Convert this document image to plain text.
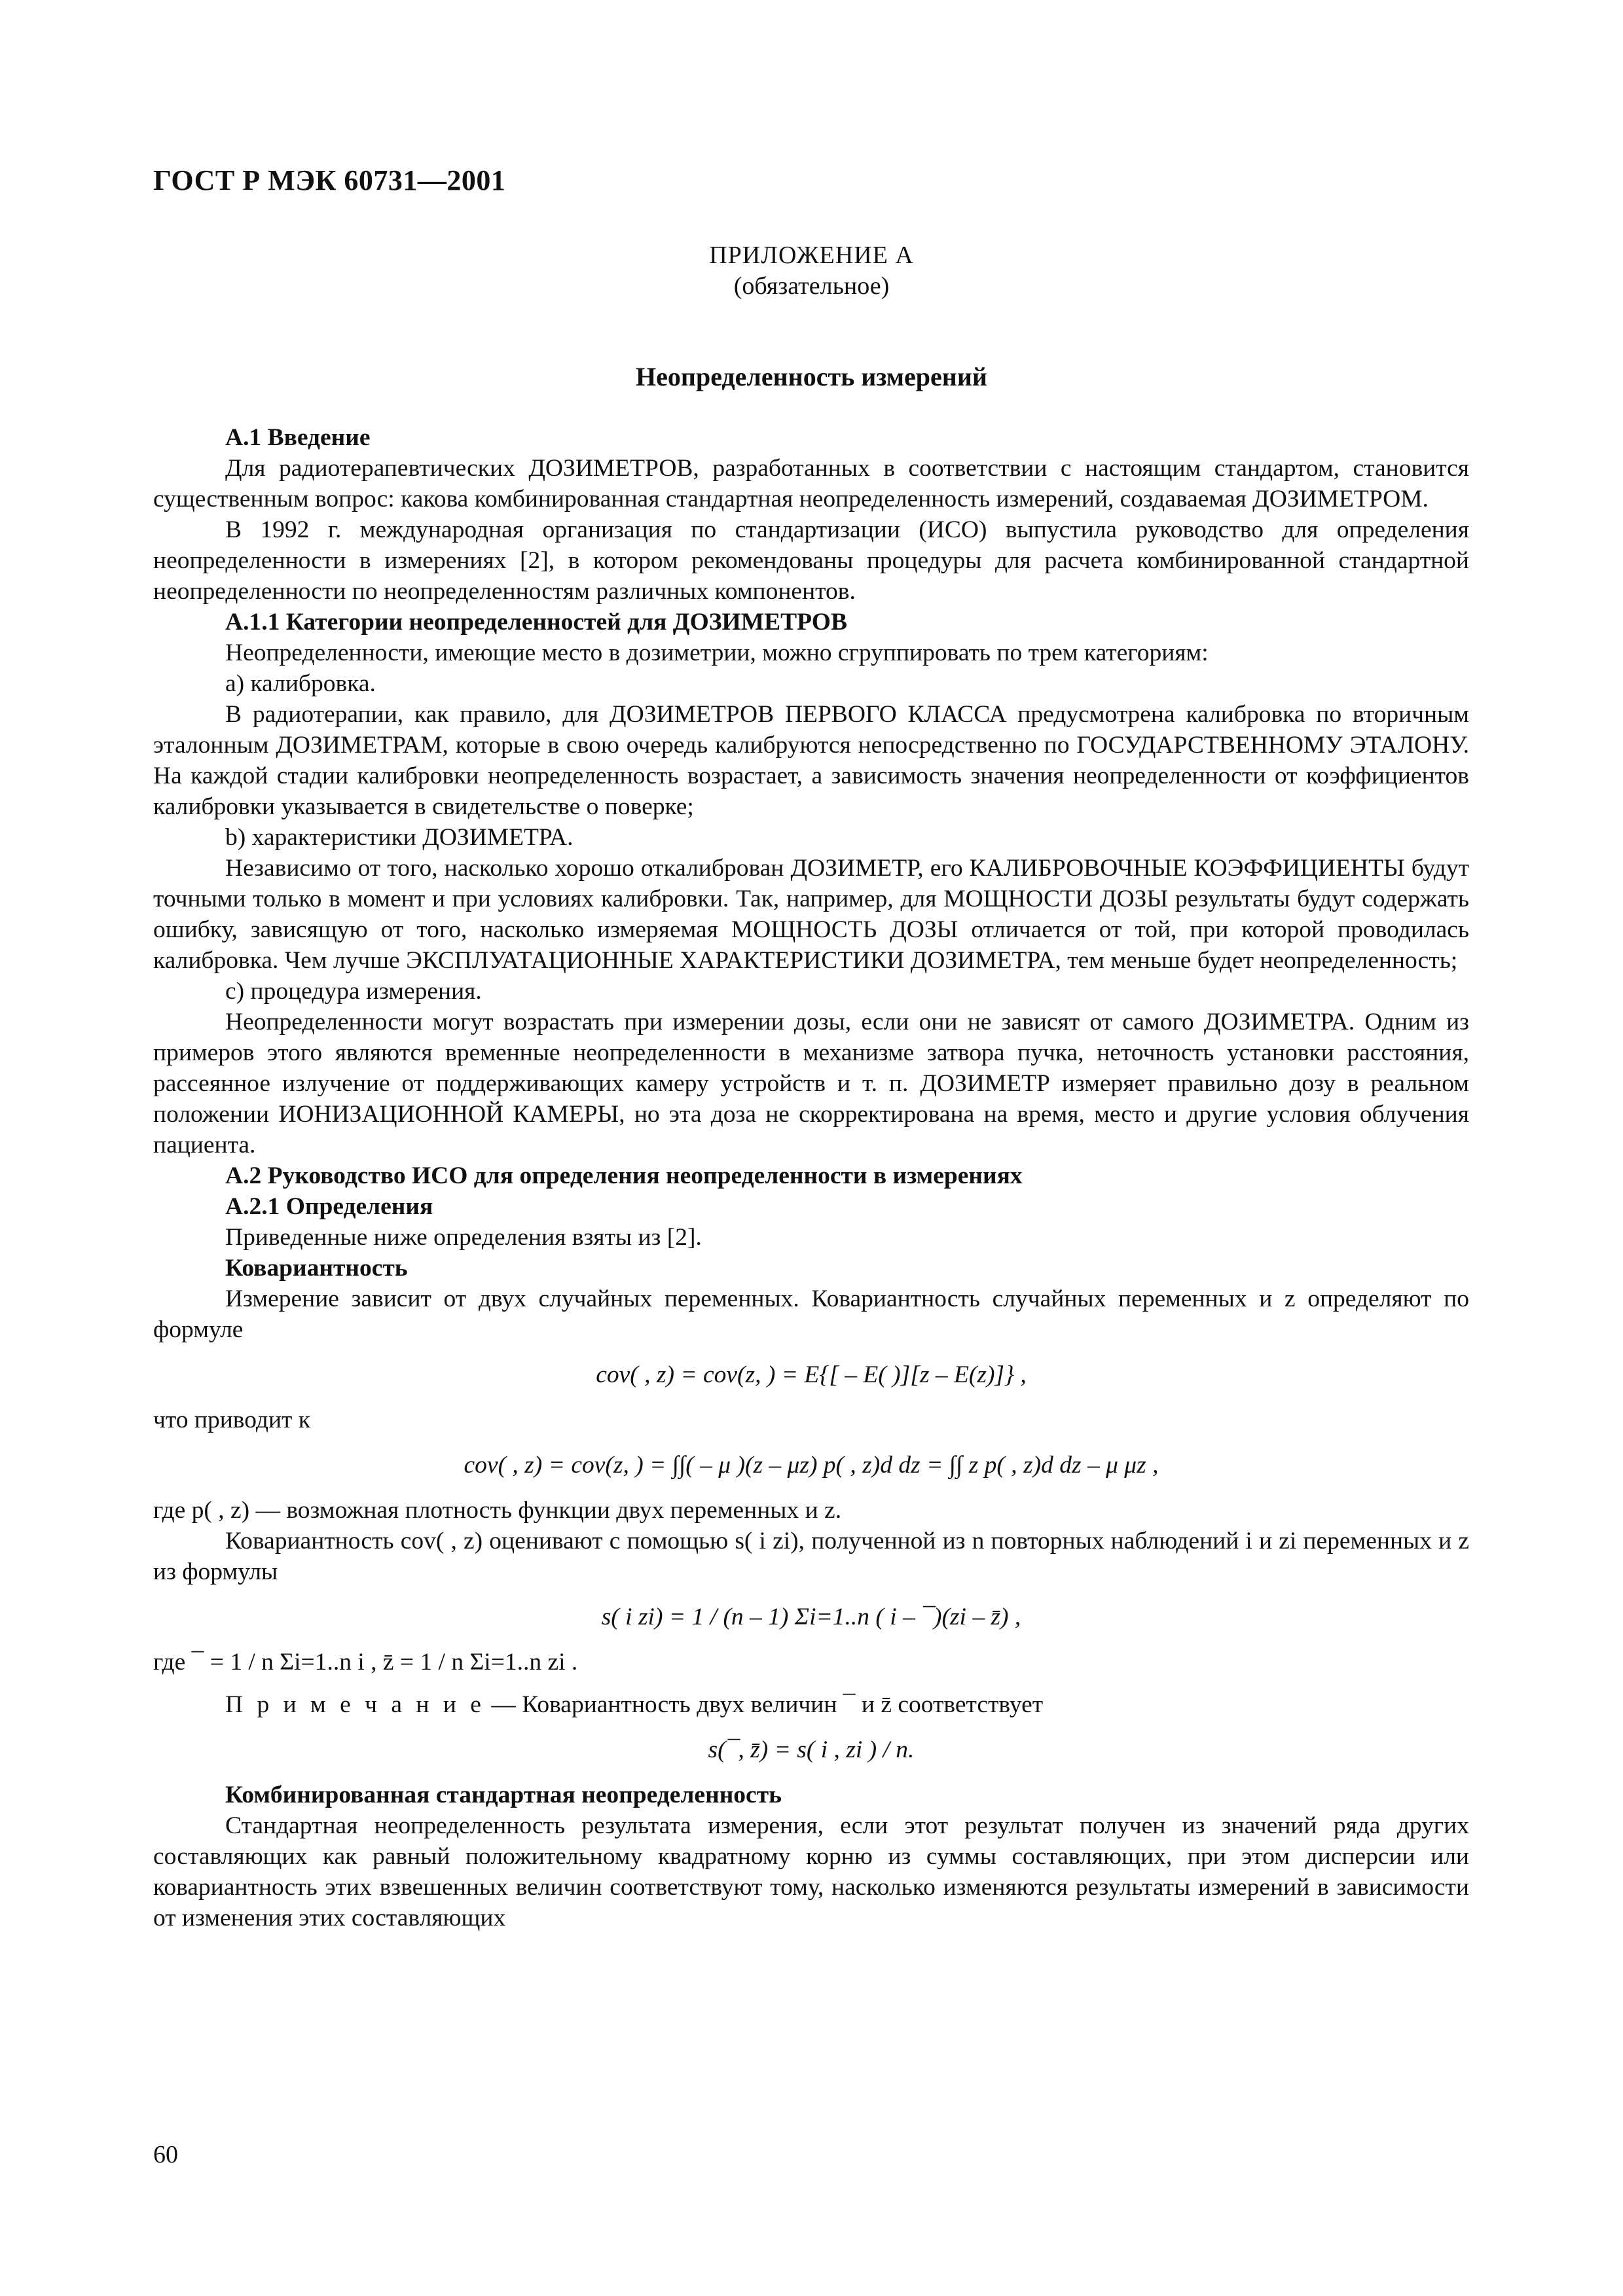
ГОСТ Р МЭК 60731—2001
ПРИЛОЖЕНИЕ А
(обязательное)
Неопределенность измерений

А.1 Введение

Для радиотерапевтических ДОЗИМЕТРОВ, разработанных в соответствии с настоящим стандартом, становится существенным вопрос: какова комбинированная стандартная неопределенность измерений, создаваемая ДОЗИМЕТРОМ.

В 1992 г. международная организация по стандартизации (ИСО) выпустила руководство для определения неопределенности в измерениях [2], в котором рекомендованы процедуры для расчета комбинированной стандартной неопределенности по неопределенностям различных компонентов.

А.1.1 Категории неопределенностей для ДОЗИМЕТРОВ

Неопределенности, имеющие место в дозиметрии, можно сгруппировать по трем категориям:

а) калибровка.

В радиотерапии, как правило, для ДОЗИМЕТРОВ ПЕРВОГО КЛАССА предусмотрена калибровка по вторичным эталонным ДОЗИМЕТРАМ, которые в свою очередь калибруются непосредственно по ГОСУДАРСТВЕННОМУ ЭТАЛОНУ. На каждой стадии калибровки неопределенность возрастает, а зависимость значения неопределенности от коэффициентов калибровки указывается в свидетельстве о поверке;

b) характеристики ДОЗИМЕТРА.

Независимо от того, насколько хорошо откалиброван ДОЗИМЕТР, его КАЛИБРОВОЧНЫЕ КОЭФФИЦИЕНТЫ будут точными только в момент и при условиях калибровки. Так, например, для МОЩНОСТИ ДОЗЫ результаты будут содержать ошибку, зависящую от того, насколько измеряемая МОЩНОСТЬ ДОЗЫ отличается от той, при которой проводилась калибровка. Чем лучше ЭКСПЛУАТАЦИОННЫЕ ХАРАКТЕРИСТИКИ ДОЗИМЕТРА, тем меньше будет неопределенность;

с) процедура измерения.

Неопределенности могут возрастать при измерении дозы, если они не зависят от самого ДОЗИМЕТРА. Одним из примеров этого являются временные неопределенности в механизме затвора пучка, неточность установки расстояния, рассеянное излучение от поддерживающих камеру устройств и т. п. ДОЗИМЕТР измеряет правильно дозу в реальном положении ИОНИЗАЦИОННОЙ КАМЕРЫ, но эта доза не скорректирована на время, место и другие условия облучения пациента.

А.2 Руководство ИСО для определения неопределенности в измерениях

А.2.1 Определения

Приведенные ниже определения взяты из [2].

Ковариантность

Измерение зависит от двух случайных переменных. Ковариантность случайных переменных и z определяют по формуле

cov( , z) = cov(z, ) = E{[ – E( )][z – E(z)]} ,

что приводит к

cov( , z) = cov(z, ) = ∫∫( – μ )(z – μz) p( , z)d dz = ∫∫ z p( , z)d dz – μ μz ,

где p( , z) — возможная плотность функции двух переменных и z.

Ковариантность cov( , z) оценивают с помощью s( i zi), полученной из n повторных наблюдений i и zi переменных и z из формулы

s( i zi) = 1 / (n – 1) Σi=1..n ( i – ¯)(zi – z̄) ,

где ¯ = 1 / n Σi=1..n i , z̄ = 1 / n Σi=1..n zi .

П р и м е ч а н и е — Ковариантность двух величин ¯ и z̄ соответствует

s(¯, z̄) = s( i , zi ) / n.

Комбинированная стандартная неопределенность

Стандартная неопределенность результата измерения, если этот результат получен из значений ряда других составляющих как равный положительному квадратному корню из суммы составляющих, при этом дисперсии или ковариантность этих взвешенных величин соответствуют тому, насколько изменяются результаты измерений в зависимости от изменения этих составляющих

60
